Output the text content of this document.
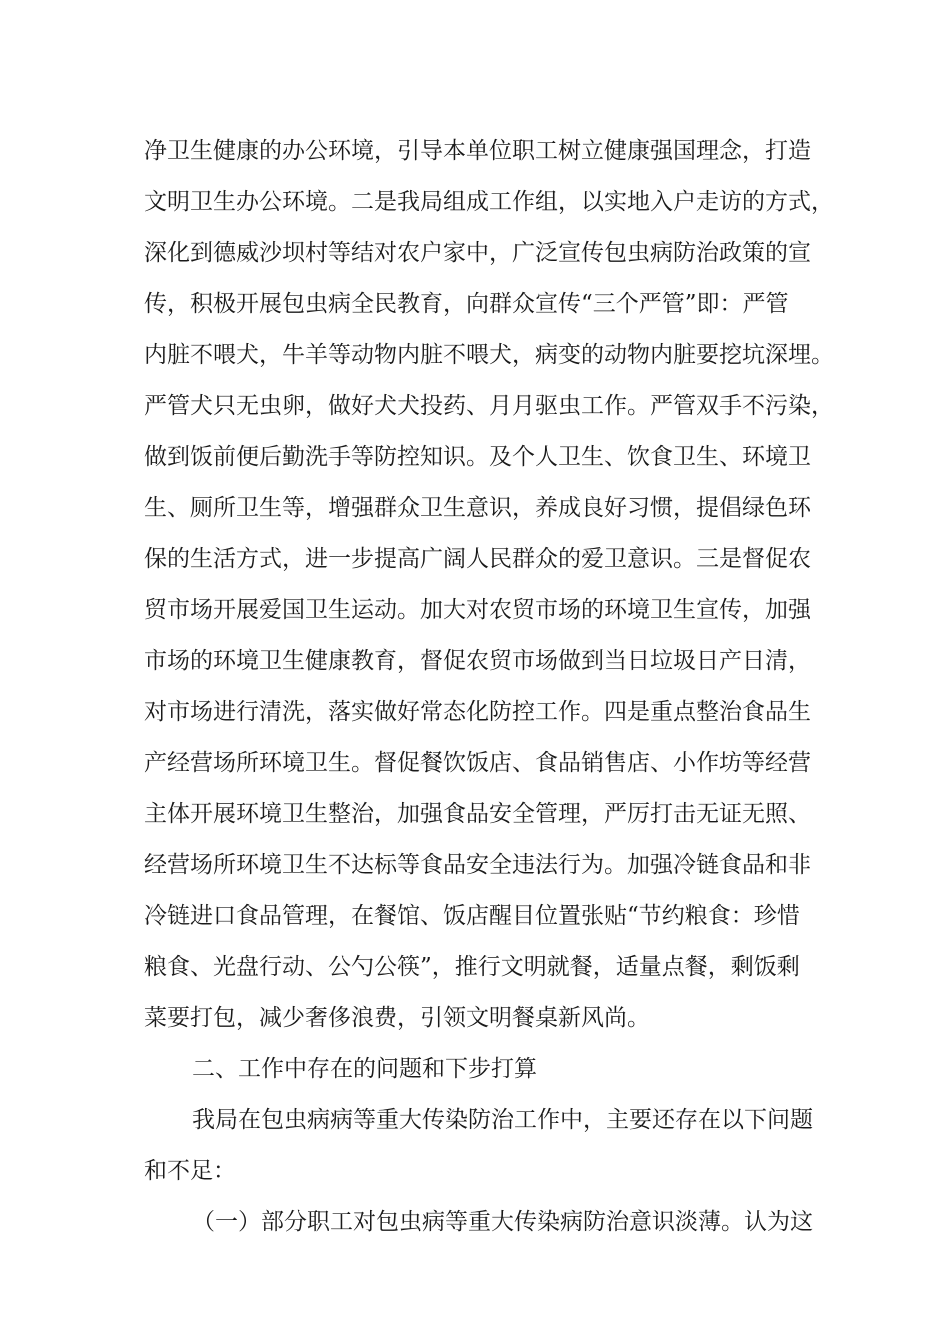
净卫生健康的办公环境，引导本单位职工树立健康强国理念，打造

文明卫生办公环境。二是我局组成工作组，以实地入户走访的方式，

深化到德威沙坝村等结对农户家中，广泛宣传包虫病防治政策的宣

传，积极开展包虫病全民教育，向群众宣传“三个严管”即：严管

内脏不喂犬，牛羊等动物内脏不喂犬，病变的动物内脏要挖坑深埋。

严管犬只无虫卵，做好犬犬投药、月月驱虫工作。严管双手不污染，

做到饭前便后勤洗手等防控知识。及个人卫生、饮食卫生、环境卫

生、厕所卫生等，增强群众卫生意识，养成良好习惯，提倡绿色环

保的生活方式，进一步提高广阔人民群众的爱卫意识。三是督促农

贸市场开展爱国卫生运动。加大对农贸市场的环境卫生宣传，加强

市场的环境卫生健康教育，督促农贸市场做到当日垃圾日产日清，

对市场进行清洗，落实做好常态化防控工作。四是重点整治食品生

产经营场所环境卫生。督促餐饮饭店、食品销售店、小作坊等经营

主体开展环境卫生整治，加强食品安全管理，严厉打击无证无照、

经营场所环境卫生不达标等食品安全违法行为。加强冷链食品和非

冷链进口食品管理，在餐馆、饭店醒目位置张贴“节约粮食：珍惜

粮食、光盘行动、公勺公筷”，推行文明就餐，适量点餐，剩饭剩

菜要打包，减少奢侈浪费，引领文明餐桌新风尚。

二、工作中存在的问题和下步打算

我局在包虫病病等重大传染防治工作中，主要还存在以下问题

和不足：

（一）部分职工对包虫病等重大传染病防治意识淡薄。认为这
